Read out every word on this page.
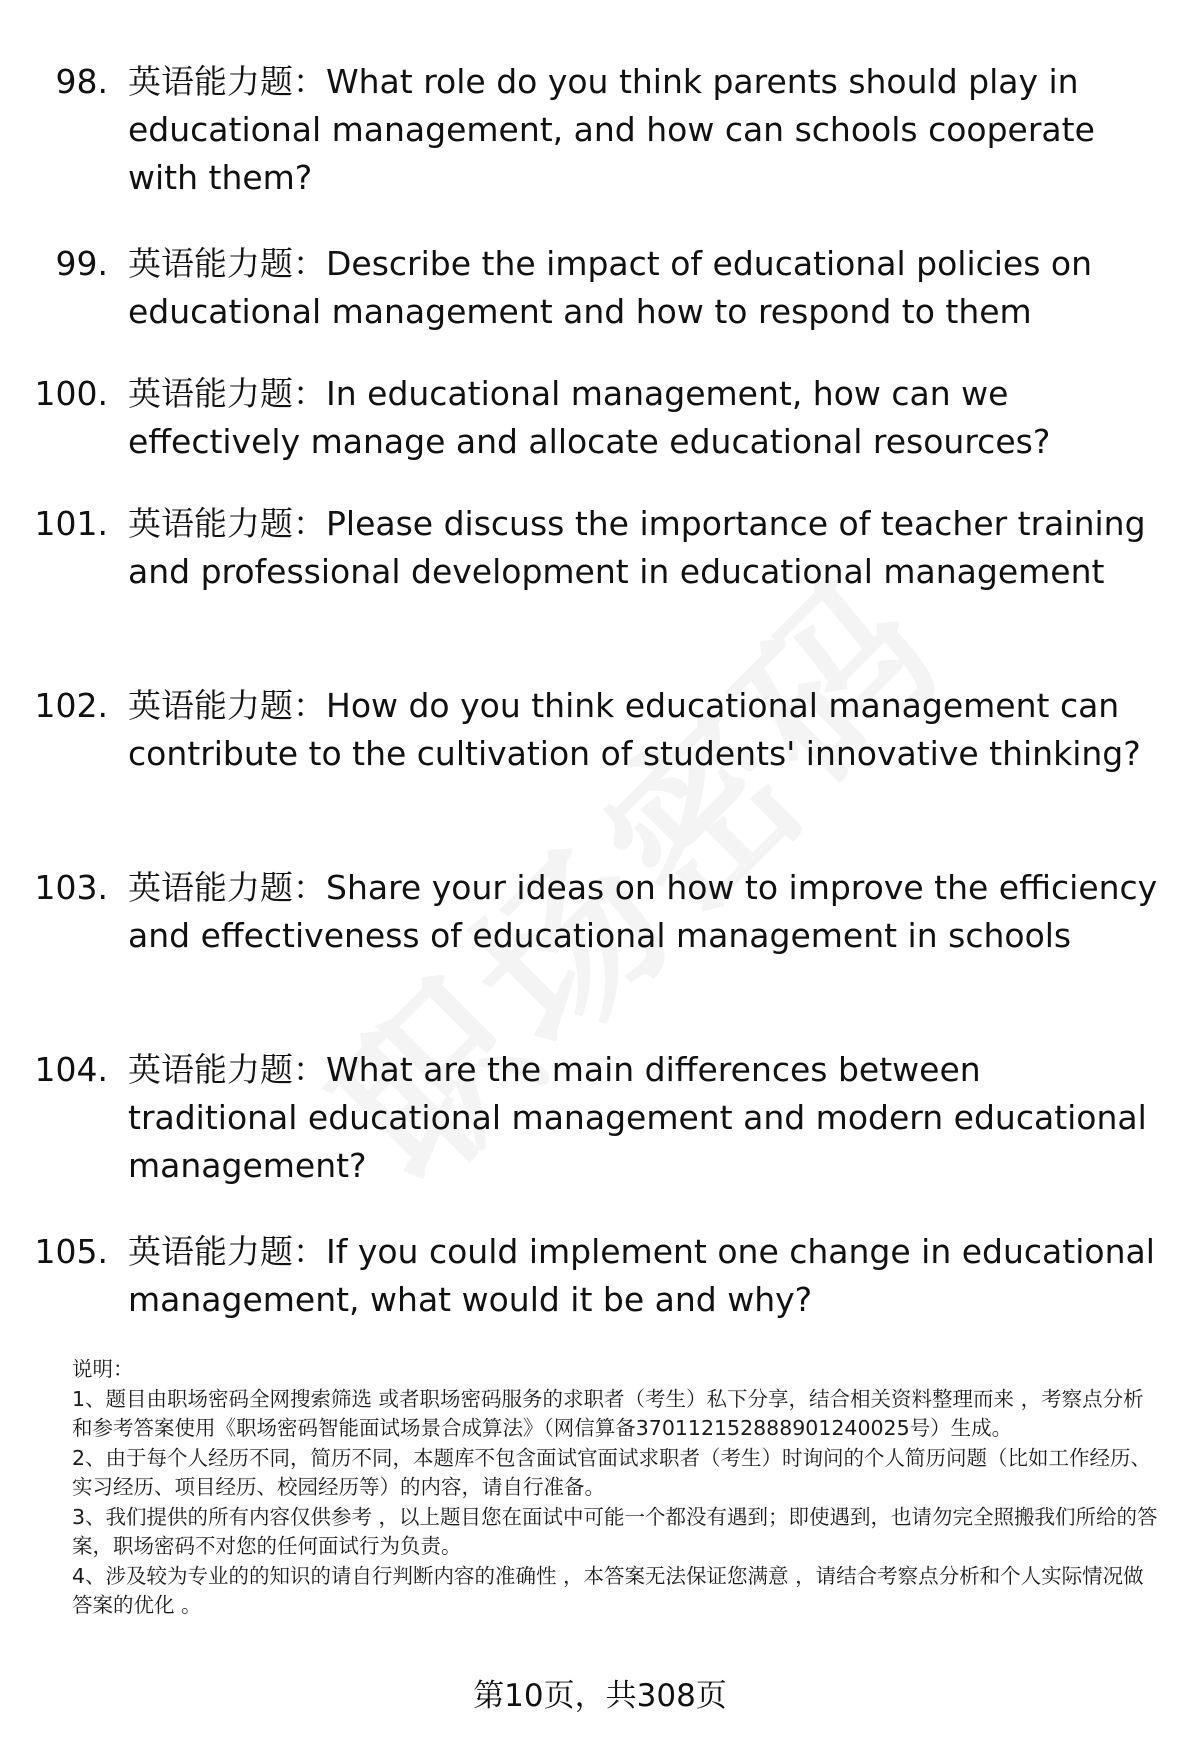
98. 英语能力题：What role do you think parents should play in educational management, and how can schools cooperate with them?
99. 英语能力题：Describe the impact of educational policies on educational management and how to respond to them
100. 英语能力题：In educational management, how can we effectively manage and allocate educational resources?
101. 英语能力题：Please discuss the importance of teacher training and professional development in educational management
102. 英语能力题：How do you think educational management can contribute to the cultivation of students' innovative thinking?
103. 英语能力题：Share your ideas on how to improve the efficiency and effectiveness of educational management in schools
104. 英语能力题：What are the main differences between traditional educational management and modern educational management?
105. 英语能力题：If you could implement one change in educational management, what would it be and why?

说明：

1、题目由职场密码全网搜索筛选 或者职场密码服务的求职者（考生）私下分享，结合相关资料整理而来 ，考察点分析和参考答案使用《职场密码智能面试场景合成算法》（网信算备370112152888901240025号）生成。

2、由于每个人经历不同，简历不同，本题库不包含面试官面试求职者（考生）时询问的个人简历问题（比如工作经历、实习经历、项目经历、校园经历等）的内容，请自行准备。

3、我们提供的所有内容仅供参考 ，以上题目您在面试中可能一个都没有遇到；即使遇到，也请勿完全照搬我们所给的答案，职场密码不对您的任何面试行为负责。

4、涉及较为专业的的知识的请自行判断内容的准确性 ，本答案无法保证您满意 ，请结合考察点分析和个人实际情况做答案的优化 。

第10页，共308页
